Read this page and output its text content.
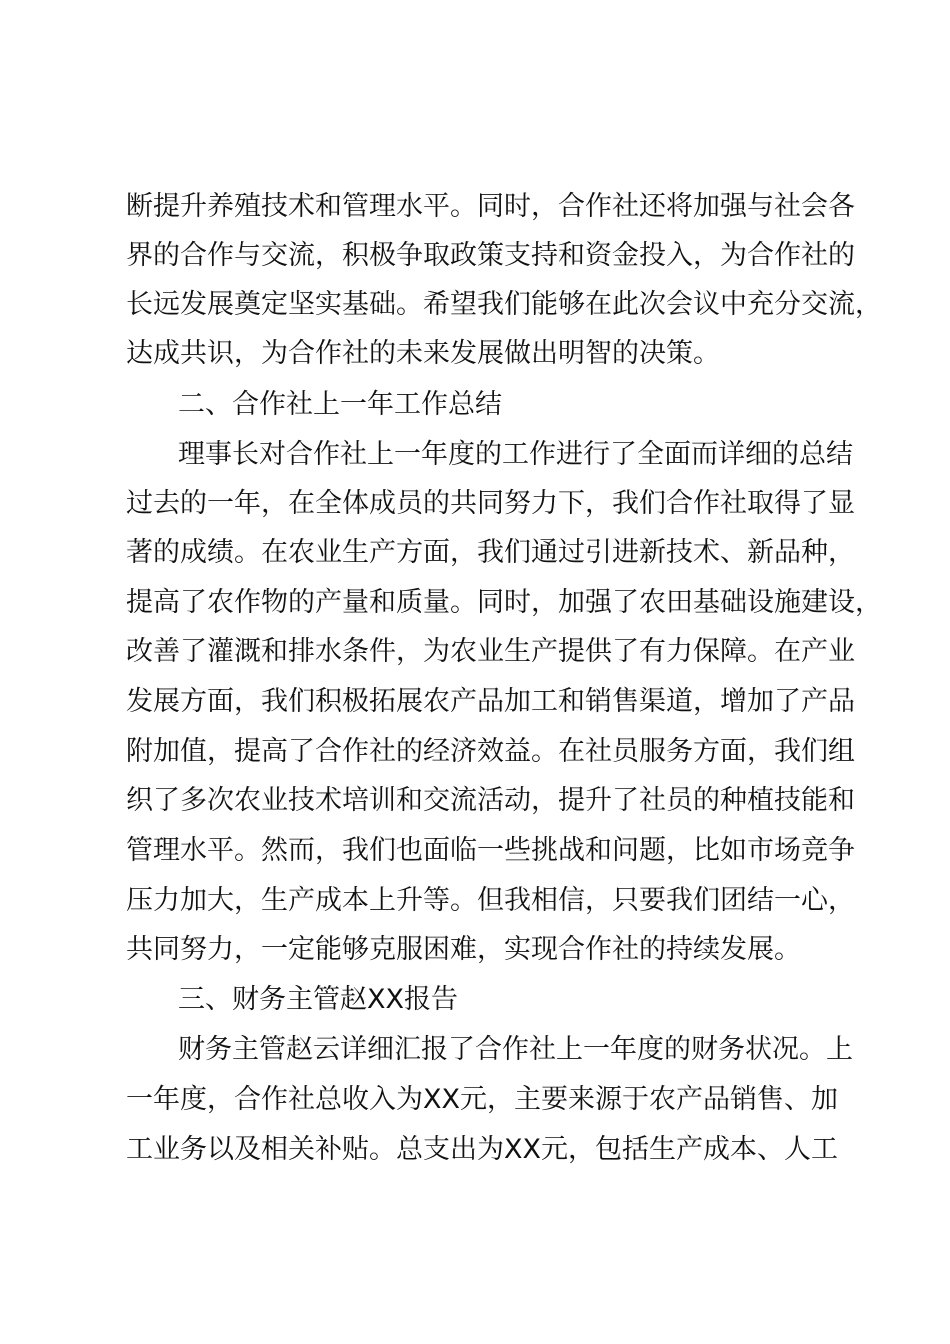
断提升养殖技术和管理水平。同时，合作社还将加强与社会各
界的合作与交流，积极争取政策支持和资金投入，为合作社的
长远发展奠定坚实基础。希望我们能够在此次会议中充分交流，
达成共识，为合作社的未来发展做出明智的决策。
二、合作社上一年工作总结
理事长对合作社上一年度的工作进行了全面而详细的总结
过去的一年，在全体成员的共同努力下，我们合作社取得了显
著的成绩。在农业生产方面，我们通过引进新技术、新品种，
提高了农作物的产量和质量。同时，加强了农田基础设施建设，
改善了灌溉和排水条件，为农业生产提供了有力保障。在产业
发展方面，我们积极拓展农产品加工和销售渠道，增加了产品
附加值，提高了合作社的经济效益。在社员服务方面，我们组
织了多次农业技术培训和交流活动，提升了社员的种植技能和
管理水平。然而，我们也面临一些挑战和问题，比如市场竞争
压力加大，生产成本上升等。但我相信，只要我们团结一心，
共同努力，一定能够克服困难，实现合作社的持续发展。
三、财务主管赵XX报告
财务主管赵云详细汇报了合作社上一年度的财务状况。上
一年度，合作社总收入为XX元，主要来源于农产品销售、加
工业务以及相关补贴。总支出为XX元，包括生产成本、人工
